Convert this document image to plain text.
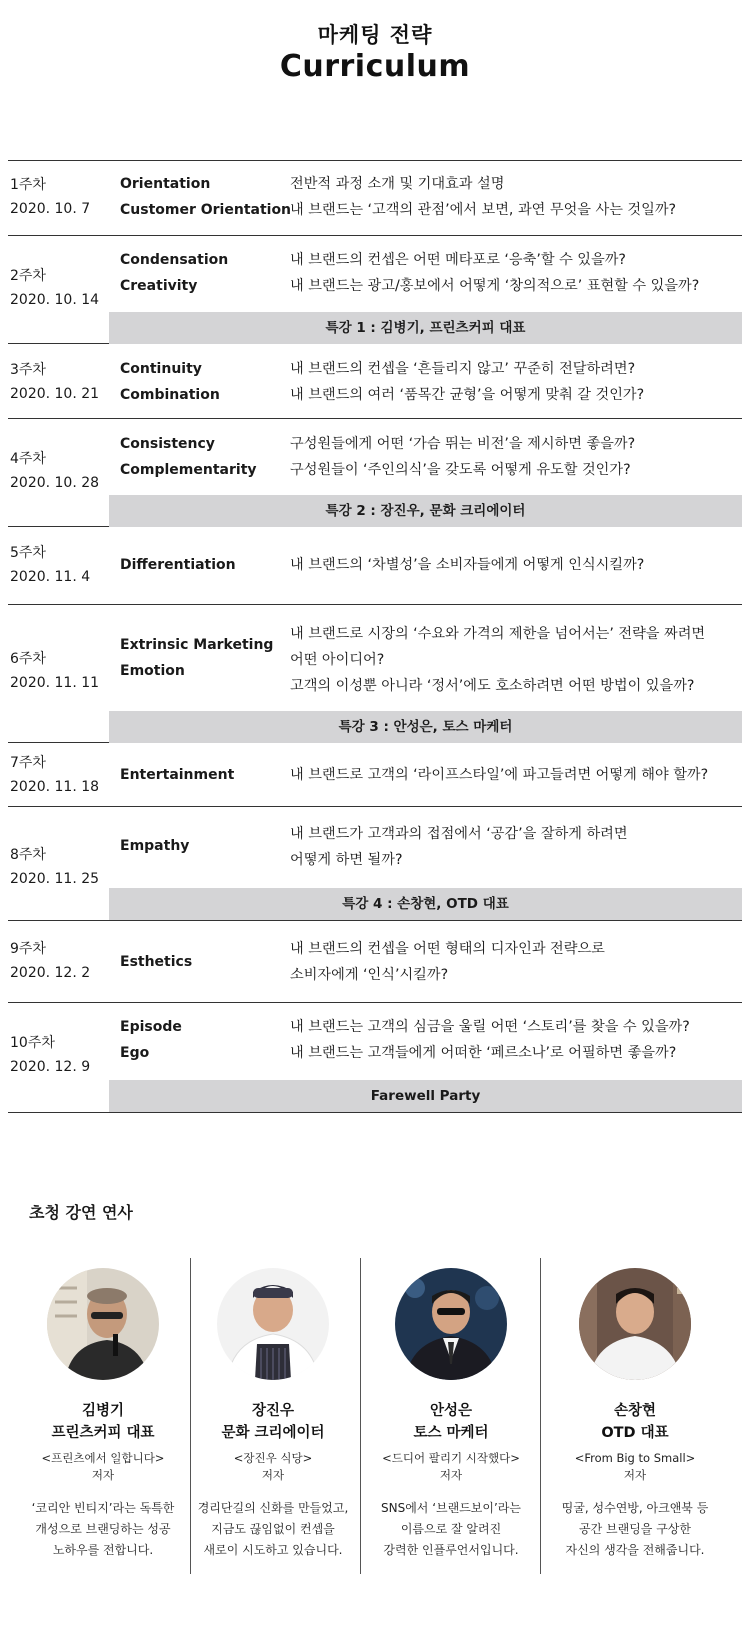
마케팅 전략
Curriculum
1주차
2020. 10. 7
Orientation
Customer Orientation
전반적 과정 소개 및 기대효과 설명
내 브랜드는 ‘고객의 관점’에서 보면, 과연 무엇을 사는 것일까?
2주차
2020. 10. 14
Condensation
Creativity
내 브랜드의 컨셉은 어떤 메타포로 ‘응축’할 수 있을까?
내 브랜드는 광고/홍보에서 어떻게 ‘창의적으로’ 표현할 수 있을까?
특강 1 : 김병기, 프린츠커피 대표
3주차
2020. 10. 21
Continuity
Combination
내 브랜드의 컨셉을 ‘흔들리지 않고’ 꾸준히 전달하려면?
내 브랜드의 여러 ‘품목간 균형’을 어떻게 맞춰 갈 것인가?
4주차
2020. 10. 28
Consistency
Complementarity
구성원들에게 어떤 ‘가슴 뛰는 비전’을 제시하면 좋을까?
구성원들이 ‘주인의식’을 갖도록 어떻게 유도할 것인가?
특강 2 : 장진우, 문화 크리에이터
5주차
2020. 11. 4
Differentiation	내 브랜드의 ‘차별성’을 소비자들에게 어떻게 인식시킬까?
6주차
2020. 11. 11
Extrinsic Marketing
Emotion
내 브랜드로 시장의 ‘수요와 가격의 제한을 넘어서는’ 전략을 짜려면
어떤 아이디어?
고객의 이성뿐 아니라 ‘정서’에도 호소하려면 어떤 방법이 있을까?
특강 3 : 안성은, 토스 마케터
7주차
2020. 11. 18
Entertainment	내 브랜드로 고객의 ‘라이프스타일’에 파고들려면 어떻게 해야 할까?
8주차
2020. 11. 25
Empathy
내 브랜드가 고객과의 접점에서 ‘공감’을 잘하게 하려면
어떻게 하면 될까?
특강 4 : 손창현, OTD 대표
9주차
2020. 12. 2
Esthetics
내 브랜드의 컨셉을 어떤 형태의 디자인과 전략으로
소비자에게 ‘인식’시킬까?
10주차
2020. 12. 9
Episode
Ego
내 브랜드는 고객의 심금을 울릴 어떤 ‘스토리’를 찾을 수 있을까?
내 브랜드는 고객들에게 어떠한 ‘페르소나’로 어필하면 좋을까?
Farewell Party
초청 강연 연사
김병기
프린츠커피 대표
<프린츠에서 일합니다>
저자
‘코리안 빈티지’라는 독특한
개성으로 브랜딩하는 성공
노하우를 전합니다.
장진우
문화 크리에이터
<장진우 식당>
저자
경리단길의 신화를 만들었고,
지금도 끊임없이 컨셉을
새로이 시도하고 있습니다.
안성은
토스 마케터
<드디어 팔리기 시작했다>
저자
SNS에서 ‘브랜드보이’라는
이름으로 잘 알려진
강력한 인플루언서입니다.
손창현
OTD 대표
<From Big to Small>
저자
띵굴, 성수연방, 아크앤북 등
공간 브랜딩을 구상한
자신의 생각을 전해줍니다.
